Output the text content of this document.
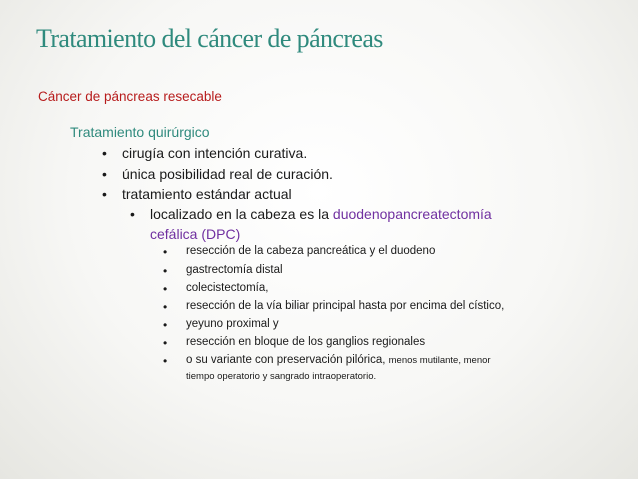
Tratamiento del cáncer de páncreas
Cáncer de páncreas resecable
Tratamiento quirúrgico
• cirugía con intención curativa.
• única posibilidad real de curación.
• tratamiento estándar actual
• localizado en la cabeza es la duodenopancreatectomía
cefálica (DPC)
• resección de la cabeza pancreática y el duodeno
• gastrectomía distal
• colecistectomía,
• resección de la vía biliar principal hasta por encima del cístico,
• yeyuno proximal y
• resección en bloque de los ganglios regionales
• o su variante con preservación pilórica, menos mutilante, menor
tiempo operatorio y sangrado intraoperatorio.
